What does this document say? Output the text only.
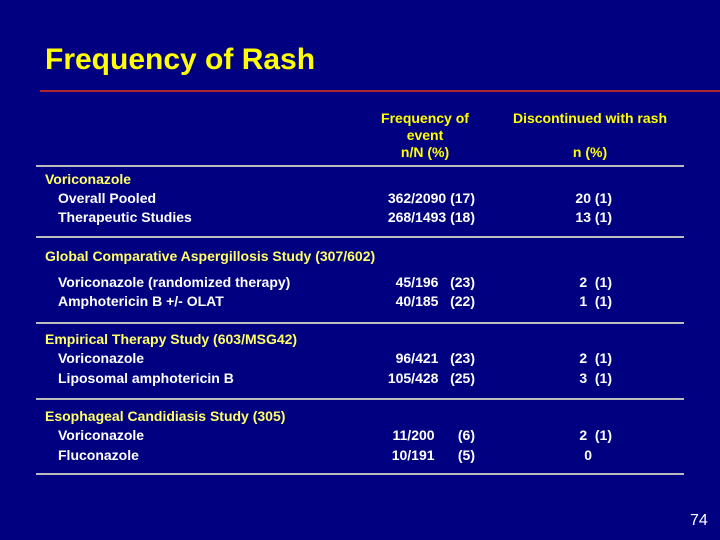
Frequency of Rash
Frequency of
event
n/N (%)
Discontinued with rash
n (%)
Voriconazole
Overall Pooled	362/2090 (17)	20 (1)
Therapeutic Studies	268/1493 (18)	13 (1)
Global Comparative Aspergillosis Study (307/602)
Voriconazole (randomized therapy)	45/196   (23)	2  (1)
Amphotericin B +/- OLAT	40/185   (22)	1  (1)
Empirical Therapy Study (603/MSG42)
Voriconazole	96/421   (23)	2  (1)
Liposomal amphotericin B	105/428   (25)	3  (1)
Esophageal Candidiasis Study (305)
Voriconazole	11/200      (6)	2  (1)
Fluconazole	10/191      (5)	0
74
